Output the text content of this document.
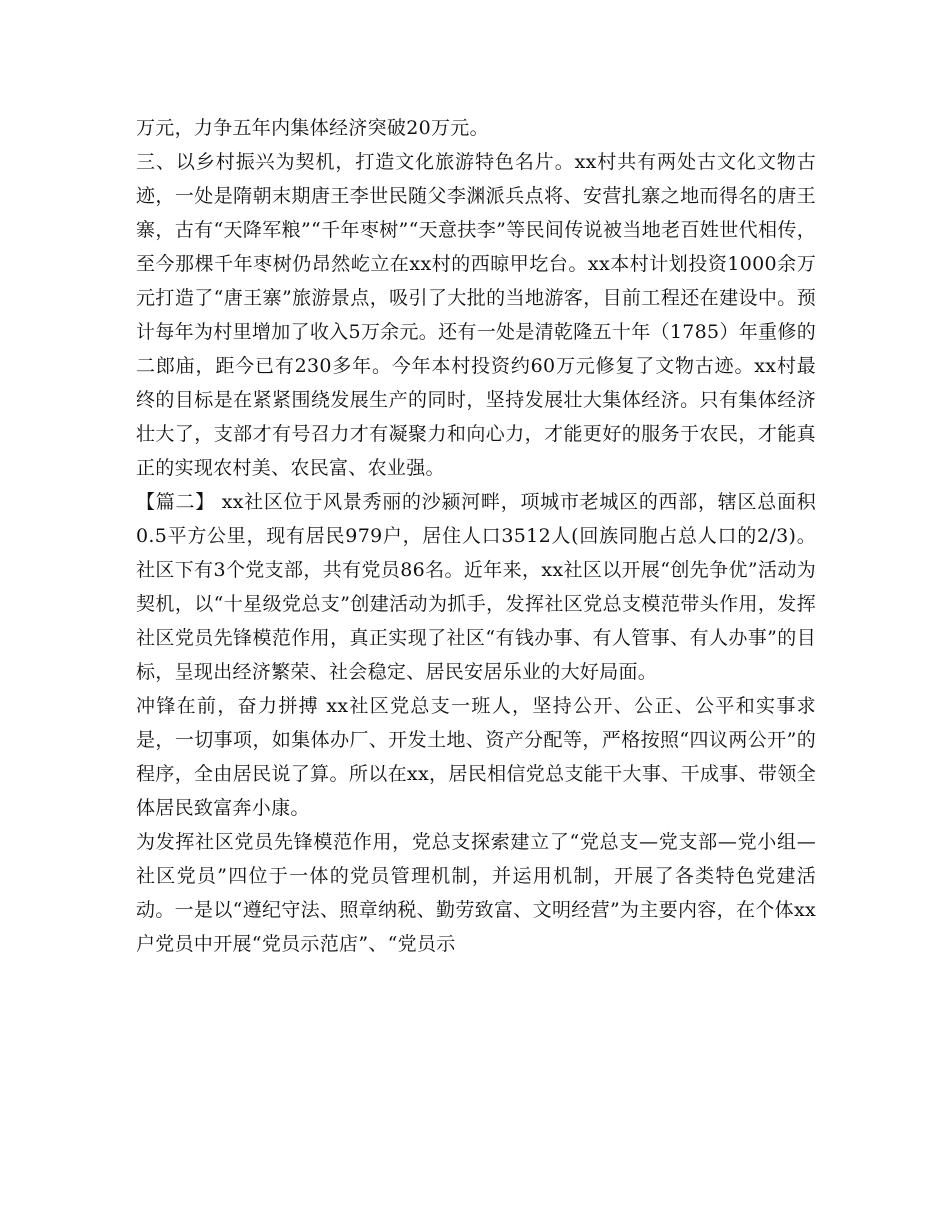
万元，力争五年内集体经济突破20万元。

三、以乡村振兴为契机，打造文化旅游特色名片。xx村共有两处古文化文物古迹，一处是隋朝末期唐王李世民随父李渊派兵点将、安营扎寨之地而得名的唐王寨，古有“天降军粮”“千年枣树”“天意扶李”等民间传说被当地老百姓世代相传，至今那棵千年枣树仍昂然屹立在xx村的西晾甲圪台。xx本村计划投资1000余万元打造了“唐王寨”旅游景点，吸引了大批的当地游客，目前工程还在建设中。预计每年为村里增加了收入5万余元。还有一处是清乾隆五十年（1785）年重修的二郎庙，距今已有230多年。今年本村投资约60万元修复了文物古迹。xx村最终的目标是在紧紧围绕发展生产的同时，坚持发展壮大集体经济。只有集体经济壮大了，支部才有号召力才有凝聚力和向心力，才能更好的服务于农民，才能真正的实现农村美、农民富、农业强。

【篇二】 xx社区位于风景秀丽的沙颍河畔，项城市老城区的西部，辖区总面积0.5平方公里，现有居民979户，居住人口3512人(回族同胞占总人口的2/3)。社区下有3个党支部，共有党员86名。近年来，xx社区以开展“创先争优”活动为契机，以“十星级党总支”创建活动为抓手，发挥社区党总支模范带头作用，发挥社区党员先锋模范作用，真正实现了社区“有钱办事、有人管事、有人办事”的目标，呈现出经济繁荣、社会稳定、居民安居乐业的大好局面。

冲锋在前，奋力拼搏 xx社区党总支一班人，坚持公开、公正、公平和实事求是，一切事项，如集体办厂、开发土地、资产分配等，严格按照“四议两公开”的程序，全由居民说了算。所以在xx，居民相信党总支能干大事、干成事、带领全体居民致富奔小康。

为发挥社区党员先锋模范作用，党总支探索建立了“党总支—党支部—党小组—社区党员”四位于一体的党员管理机制，并运用机制，开展了各类特色党建活动。一是以“遵纪守法、照章纳税、勤劳致富、文明经营”为主要内容，在个体xx户党员中开展“党员示范店”、“党员示
